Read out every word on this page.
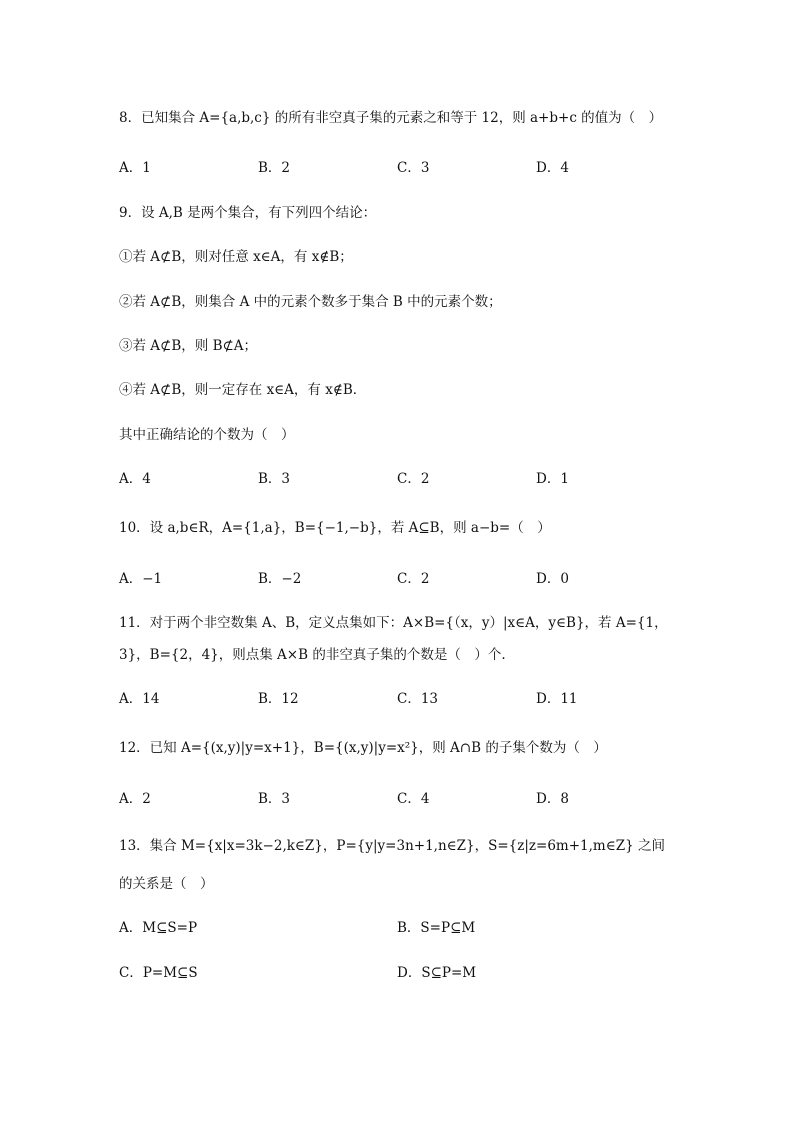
8．已知集合 A={a,b,c} 的所有非空真子集的元素之和等于 12，则 a+b+c 的值为（　）
A．1	B．2	C．3	D．4
9．设 A,B 是两个集合，有下列四个结论：
①若 A⊄B，则对任意 x∈A，有 x∉B；
②若 A⊄B，则集合 A 中的元素个数多于集合 B 中的元素个数；
③若 A⊄B，则 B⊄A；
④若 A⊄B，则一定存在 x∈A，有 x∉B．
其中正确结论的个数为（　）
A．4	B．3	C．2	D．1
10．设 a,b∈R，A={1,a}，B={−1,−b}，若 A⊆B，则 a−b=（　）
A．−1	B．−2	C．2	D．0
11．对于两个非空数集 A、B，定义点集如下：A×B={（x，y）|x∈A，y∈B}，若 A={1，
3}，B={2，4}，则点集 A×B 的非空真子集的个数是（　）个.
A．14	B．12	C．13	D．11
12．已知 A={(x,y)|y=x+1}，B={(x,y)|y=x²}，则 A∩B 的子集个数为（　）
A．2	B．3	C．4	D．8
13．集合 M={x|x=3k−2,k∈Z}，P={y|y=3n+1,n∈Z}，S={z|z=6m+1,m∈Z} 之间
的关系是（　）
A．M⊆S=P	B．S=P⊆M
C．P=M⊆S	D．S⊆P=M
